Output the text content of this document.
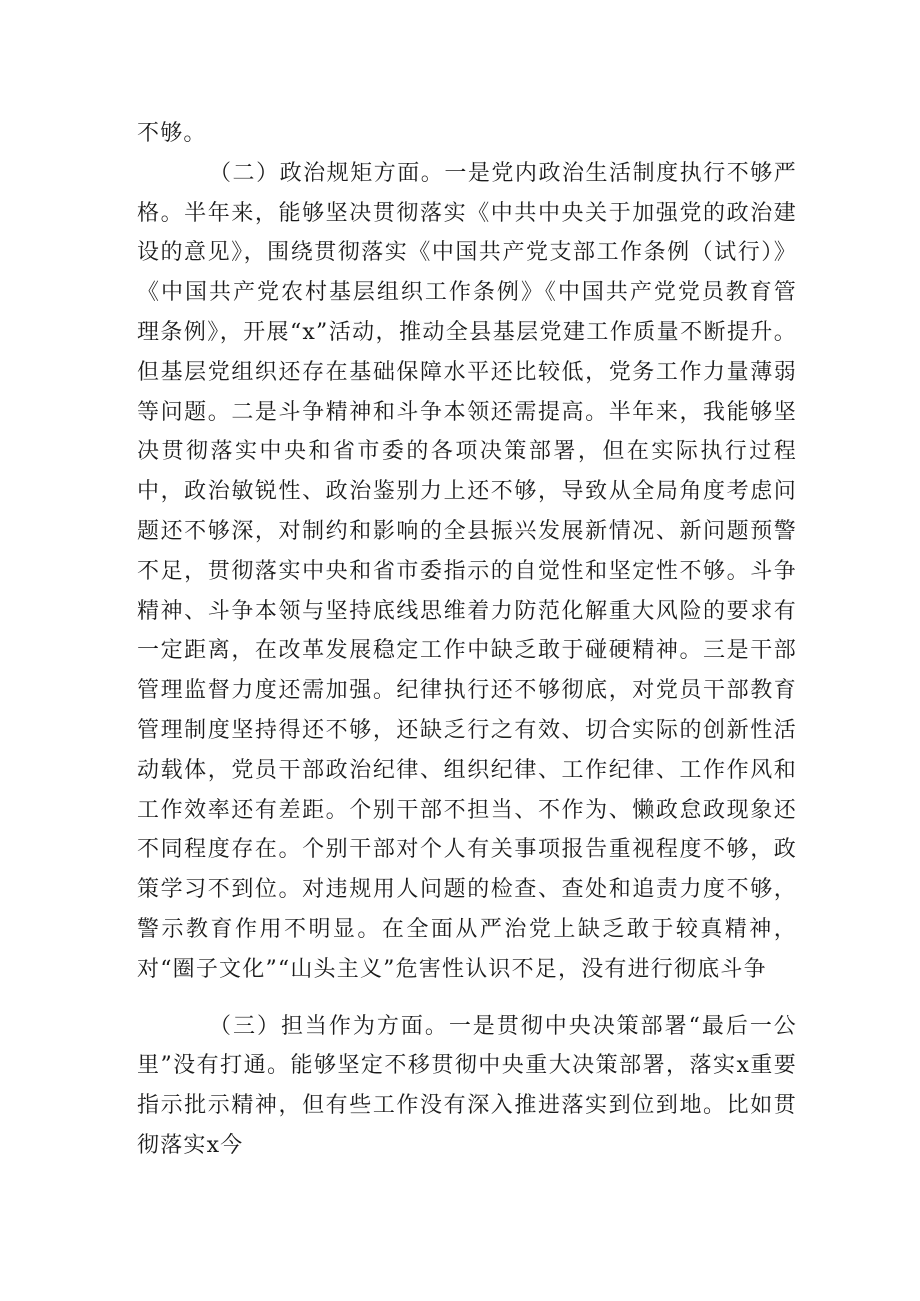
不够。

（二）政治规矩方面。一是党内政治生活制度执行不够严格。半年来，能够坚决贯彻落实《中共中央关于加强党的政治建设的意见》，围绕贯彻落实《中国共产党支部工作条例（试行）》《中国共产党农村基层组织工作条例》《中国共产党党员教育管理条例》，开展“x”活动，推动全县基层党建工作质量不断提升。但基层党组织还存在基础保障水平还比较低，党务工作力量薄弱等问题。二是斗争精神和斗争本领还需提高。半年来，我能够坚决贯彻落实中央和省市委的各项决策部署，但在实际执行过程中，政治敏锐性、政治鉴别力上还不够，导致从全局角度考虑问题还不够深，对制约和影响的全县振兴发展新情况、新问题预警不足，贯彻落实中央和省市委指示的自觉性和坚定性不够。斗争精神、斗争本领与坚持底线思维着力防范化解重大风险的要求有一定距离，在改革发展稳定工作中缺乏敢于碰硬精神。三是干部管理监督力度还需加强。纪律执行还不够彻底，对党员干部教育管理制度坚持得还不够，还缺乏行之有效、切合实际的创新性活动载体，党员干部政治纪律、组织纪律、工作纪律、工作作风和工作效率还有差距。个别干部不担当、不作为、懒政怠政现象还不同程度存在。个别干部对个人有关事项报告重视程度不够，政策学习不到位。对违规用人问题的检查、查处和追责力度不够，警示教育作用不明显。在全面从严治党上缺乏敢于较真精神，对“圈子文化”“山头主义”危害性认识不足，没有进行彻底斗争

（三）担当作为方面。一是贯彻中央决策部署“最后一公里”没有打通。能够坚定不移贯彻中央重大决策部署，落实x重要指示批示精神，但有些工作没有深入推进落实到位到地。比如贯彻落实x今
